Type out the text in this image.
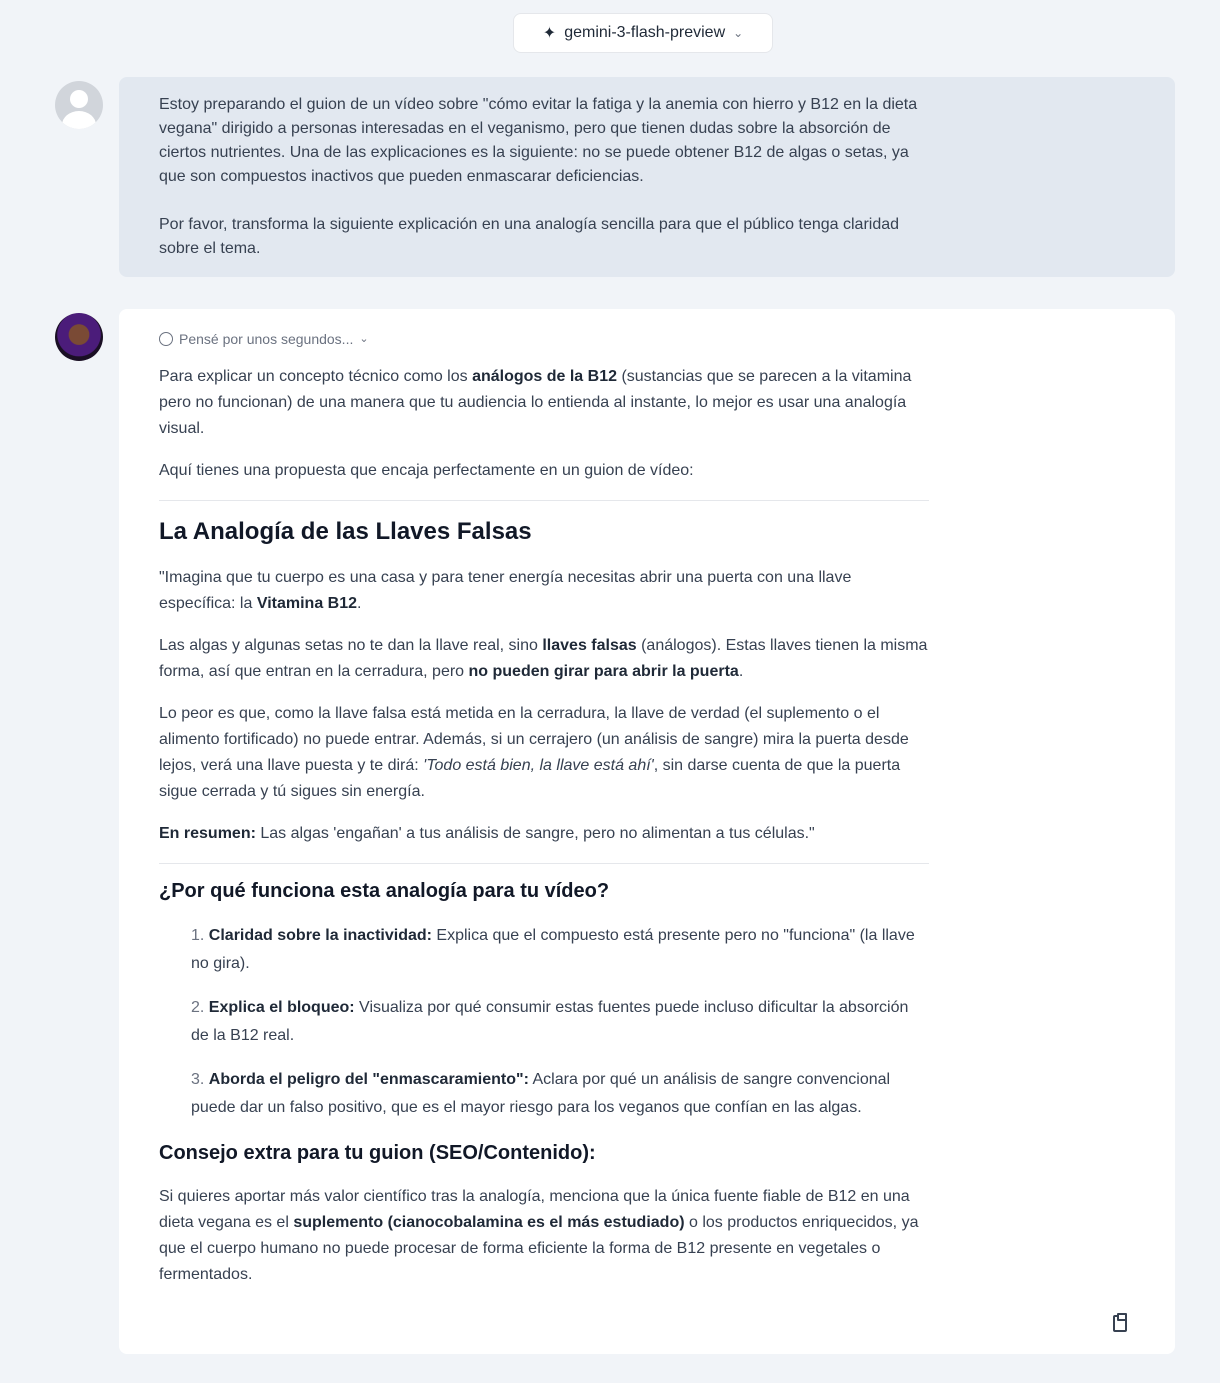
✦ gemini-3-flash-preview ⌄

Estoy preparando el guion de un vídeo sobre "cómo evitar la fatiga y la anemia con hierro y B12 en la dieta vegana" dirigido a personas interesadas en el veganismo, pero que tienen dudas sobre la absorción de ciertos nutrientes. Una de las explicaciones es la siguiente: no se puede obtener B12 de algas o setas, ya que son compuestos inactivos que pueden enmascarar deficiencias.

Por favor, transforma la siguiente explicación en una analogía sencilla para que el público tenga claridad sobre el tema.

Pensé por unos segundos... ⌄

Para explicar un concepto técnico como los análogos de la B12 (sustancias que se parecen a la vitamina pero no funcionan) de una manera que tu audiencia lo entienda al instante, lo mejor es usar una analogía visual.

Aquí tienes una propuesta que encaja perfectamente en un guion de vídeo:

La Analogía de las Llaves Falsas

"Imagina que tu cuerpo es una casa y para tener energía necesitas abrir una puerta con una llave específica: la Vitamina B12.

Las algas y algunas setas no te dan la llave real, sino llaves falsas (análogos). Estas llaves tienen la misma forma, así que entran en la cerradura, pero no pueden girar para abrir la puerta.

Lo peor es que, como la llave falsa está metida en la cerradura, la llave de verdad (el suplemento o el alimento fortificado) no puede entrar. Además, si un cerrajero (un análisis de sangre) mira la puerta desde lejos, verá una llave puesta y te dirá: 'Todo está bien, la llave está ahí', sin darse cuenta de que la puerta sigue cerrada y tú sigues sin energía.

En resumen: Las algas 'engañan' a tus análisis de sangre, pero no alimentan a tus células."

¿Por qué funciona esta analogía para tu vídeo?
1. Claridad sobre la inactividad: Explica que el compuesto está presente pero no "funciona" (la llave no gira).
2. Explica el bloqueo: Visualiza por qué consumir estas fuentes puede incluso dificultar la absorción de la B12 real.
3. Aborda el peligro del "enmascaramiento": Aclara por qué un análisis de sangre convencional puede dar un falso positivo, que es el mayor riesgo para los veganos que confían en las algas.
Consejo extra para tu guion (SEO/Contenido):

Si quieres aportar más valor científico tras la analogía, menciona que la única fuente fiable de B12 en una dieta vegana es el suplemento (cianocobalamina es el más estudiado) o los productos enriquecidos, ya que el cuerpo humano no puede procesar de forma eficiente la forma de B12 presente en vegetales o fermentados.
